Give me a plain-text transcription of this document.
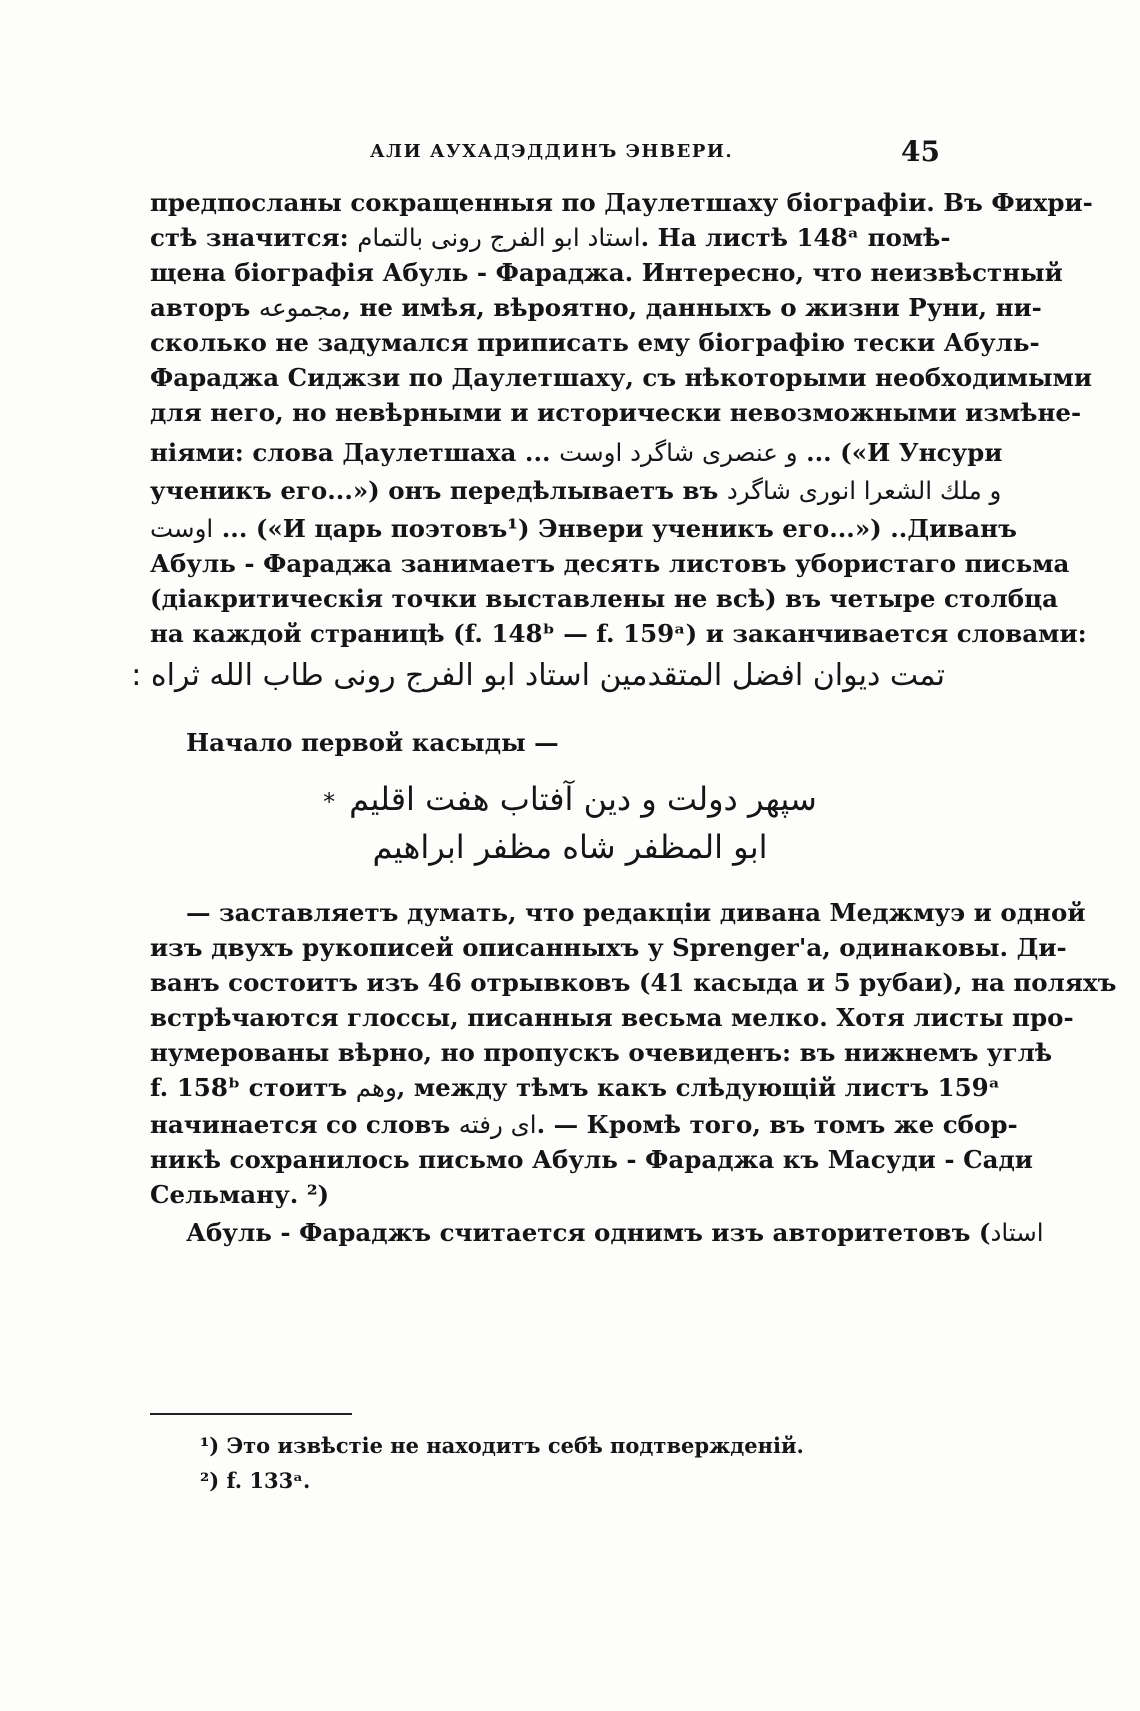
АЛИ АУХАДЭДДИНЪ ЭНВЕРИ.	45
предпосланы сокращенныя по Даулетшаху біографіи. Въ Фихри-
стѣ значится: استاد ابو الفرج رونی بالتمام. На листѣ 148ᵃ помѣ-
щена біографія Абуль - Фараджа. Интересно, что неизвѣстный
авторъ مجموعه, не имѣя, вѣроятно, данныхъ о жизни Руни, ни-
сколько не задумался приписать ему біографію тески Абуль-
Фараджа Сиджзи по Даулетшаху, съ нѣкоторыми необходимыми
для него, но невѣрными и исторически невозможными измѣне-
ніями: слова Даулетшаха ... و عنصری شاگرد اوست ... («И Унсури
ученикъ его...») онъ передѣлываетъ въ و ملك الشعرا انوری شاگرد
اوست ... («И царь поэтовъ¹) Энвери ученикъ его...») ..Диванъ
Абуль - Фараджа занимаетъ десять листовъ убористаго письма
(діакритическія точки выставлены не всѣ) въ четыре столбца
на каждой страницѣ (f. 148ᵇ — f. 159ᵃ) и заканчивается словами:
تمت دیوان افضل المتقدمین استاد ابو الفرج رونی طاب الله ثراه :
Начало первой касыды —
* سپهر دولت و دین آفتاب هفت اقلیم
ابو المظفر شاه مظفر ابراهیم
— заставляетъ думать, что редакціи дивана Меджмуэ и одной
изъ двухъ рукописей описанныхъ у Sprenger'а, одинаковы. Ди-
ванъ состоитъ изъ 46 отрывковъ (41 касыда и 5 рубаи), на поляхъ
встрѣчаются глоссы, писанныя весьма мелко. Хотя листы про-
нумерованы вѣрно, но пропускъ очевиденъ: въ нижнемъ углѣ
f. 158ᵇ стоитъ وهم, между тѣмъ какъ слѣдующій листъ 159ᵃ
начинается со словъ ای رفته. — Кромѣ того, въ томъ же сбор-
никѣ сохранилось письмо Абуль - Фараджа къ Масуди - Сади
Сельману. ²)
Абуль - Фараджъ считается однимъ изъ авторитетовъ (استاد
¹) Это извѣстіе не находитъ себѣ подтвержденій.
²) f. 133ᵃ.
